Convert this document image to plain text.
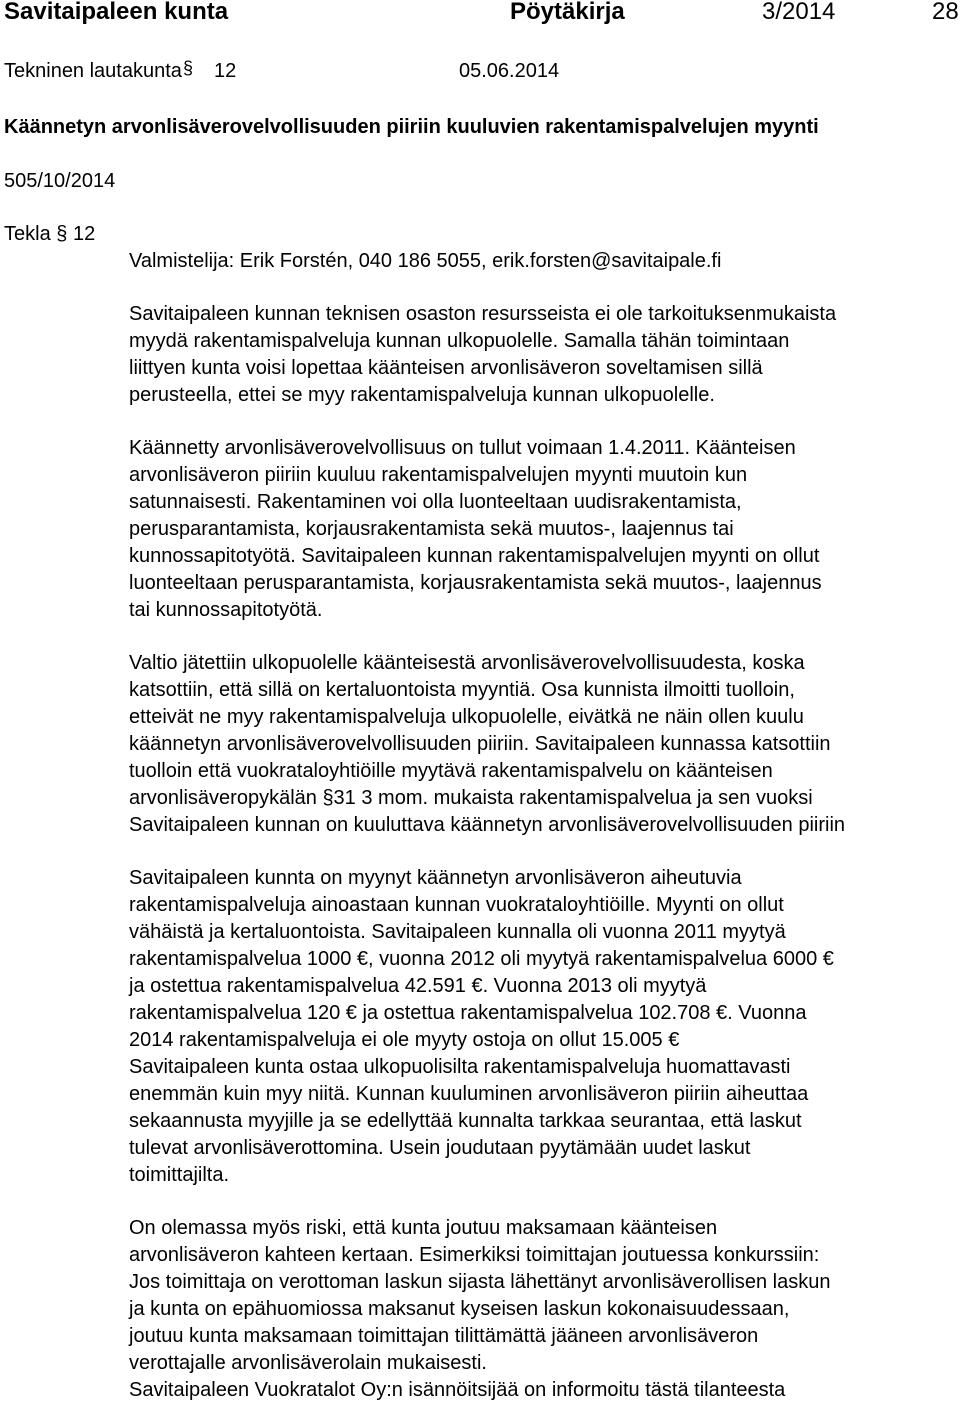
Savitaipaleen kunta	Pöytäkirja	3/2014	28
Tekninen lautakunta § 12	05.06.2014
Käännetyn arvonlisäverovelvollisuuden piiriin kuuluvien rakentamispalvelujen myynti
505/10/2014
Tekla § 12
Valmistelija: Erik Forstén, 040 186 5055, erik.forsten@savitaipale.fi
Savitaipaleen kunnan teknisen osaston resursseista ei ole tarkoituksenmukaista
myydä rakentamispalveluja kunnan ulkopuolelle. Samalla tähän toimintaan
liittyen kunta voisi lopettaa käänteisen arvonlisäveron soveltamisen sillä
perusteella, ettei se myy rakentamispalveluja kunnan ulkopuolelle.
Käännetty arvonlisäverovelvollisuus on tullut voimaan 1.4.2011. Käänteisen
arvonlisäveron piiriin kuuluu rakentamispalvelujen myynti muutoin kun
satunnaisesti. Rakentaminen voi olla luonteeltaan uudisrakentamista,
perusparantamista, korjausrakentamista sekä muutos-, laajennus tai
kunnossapitotyötä. Savitaipaleen kunnan rakentamispalvelujen myynti on ollut
luonteeltaan perusparantamista, korjausrakentamista sekä muutos-, laajennus
tai kunnossapitotyötä.
Valtio jätettiin ulkopuolelle käänteisestä arvonlisäverovelvollisuudesta, koska
katsottiin, että sillä on kertaluontoista myyntiä. Osa kunnista ilmoitti tuolloin,
etteivät ne myy rakentamispalveluja ulkopuolelle, eivätkä ne näin ollen kuulu
käännetyn arvonlisäverovelvollisuuden piiriin. Savitaipaleen kunnassa katsottiin
tuolloin että vuokrataloyhtiöille myytävä rakentamispalvelu on käänteisen
arvonlisäveropykälän §31 3 mom. mukaista rakentamispalvelua ja sen vuoksi
Savitaipaleen kunnan on kuuluttava käännetyn arvonlisäverovelvollisuuden piiriin
Savitaipaleen kunnta on myynyt käännetyn arvonlisäveron aiheutuvia
rakentamispalveluja ainoastaan kunnan vuokrataloyhtiöille. Myynti on ollut
vähäistä ja kertaluontoista. Savitaipaleen kunnalla oli vuonna 2011 myytyä
rakentamispalvelua 1000 €, vuonna 2012 oli myytyä rakentamispalvelua 6000 €
ja ostettua rakentamispalvelua 42.591 €. Vuonna 2013 oli myytyä
rakentamispalvelua 120 € ja ostettua rakentamispalvelua 102.708 €. Vuonna
2014 rakentamispalveluja ei ole myyty ostoja on ollut 15.005 €
Savitaipaleen kunta ostaa ulkopuolisilta rakentamispalveluja huomattavasti
enemmän kuin myy niitä. Kunnan kuuluminen arvonlisäveron piiriin aiheuttaa
sekaannusta myyjille ja se edellyttää kunnalta tarkkaa seurantaa, että laskut
tulevat arvonlisäverottomina. Usein joudutaan pyytämään uudet laskut
toimittajilta.
On olemassa myös riski, että kunta joutuu maksamaan käänteisen
arvonlisäveron kahteen kertaan. Esimerkiksi toimittajan joutuessa konkurssiin:
Jos toimittaja on verottoman laskun sijasta lähettänyt arvonlisäverollisen laskun
ja kunta on epähuomiossa maksanut kyseisen laskun kokonaisuudessaan,
joutuu kunta maksamaan toimittajan tilittämättä jääneen arvonlisäveron
verottajalle arvonlisäverolain mukaisesti.
Savitaipaleen Vuokratalot Oy:n isännöitsijää on informoitu tästä tilanteesta
